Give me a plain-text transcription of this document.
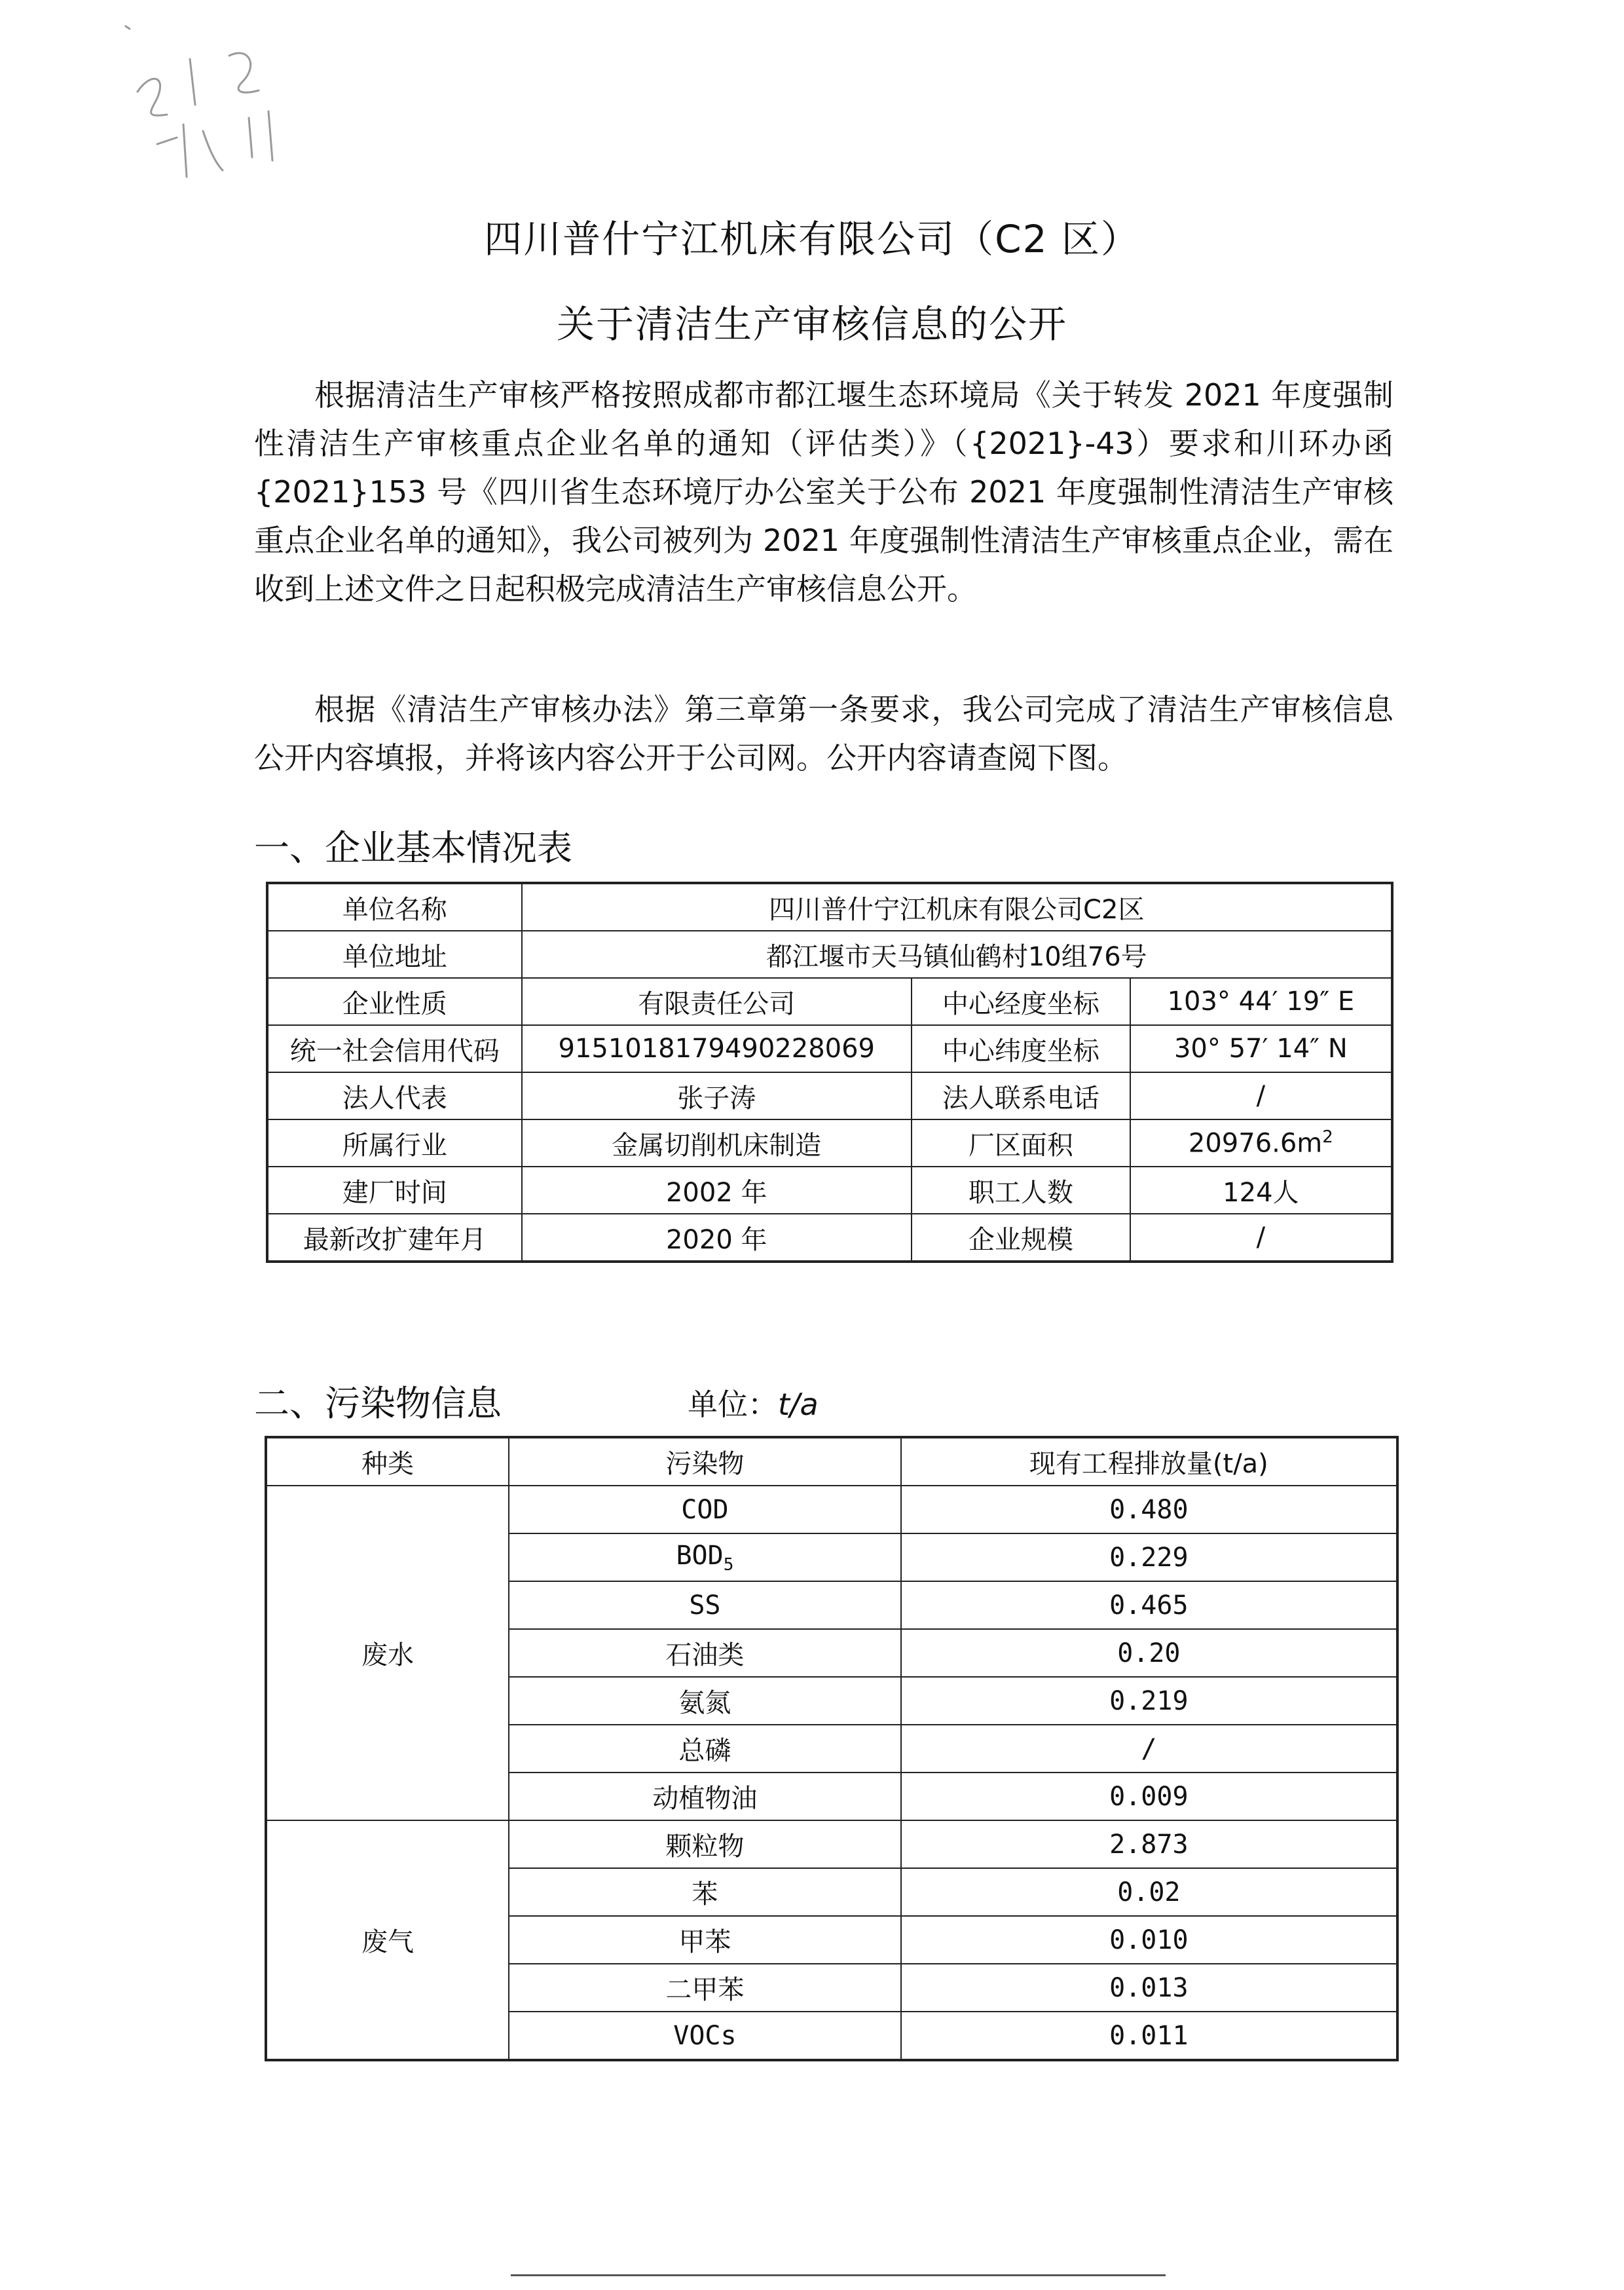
四川普什宁江机床有限公司（C2 区）
关于清洁生产审核信息的公开

根据清洁生产审核严格按照成都市都江堰生态环境局《关于转发 2021 年度强制性清洁生产审核重点企业名单的通知（评估类）》（{2021}-43）要求和川环办函{2021}153 号《四川省生态环境厅办公室关于公布 2021 年度强制性清洁生产审核重点企业名单的通知》，我公司被列为 2021 年度强制性清洁生产审核重点企业，需在收到上述文件之日起积极完成清洁生产审核信息公开。

根据《清洁生产审核办法》第三章第一条要求，我公司完成了清洁生产审核信息公开内容填报，并将该内容公开于公司网。公开内容请查阅下图。

一、企业基本情况表
单位名称	四川普什宁江机床有限公司C2区		
单位地址	都江堰市天马镇仙鹤村10组76号		
企业性质	有限责任公司	中心经度坐标	103° 44′ 19″ E
统一社会信用代码	915101817949022806​9	中心纬度坐标	30° 57′ 14″ N
法人代表	张子涛	法人联系电话	/
所属行业	金属切削机床制造	厂区面积	$20976.6m^2$
建厂时间	2002 年	职工人数	124人
最新改扩建年月	2020 年	企业规模	/
二、污染物信息	单位：t/a
种类	污染物	现有工程排放量(t/a)
废水	COD	0.480
	$BOD_5$	0.229
	SS	0.465
	石油类	0.20
	氨氮	0.219
	总磷	/
	动植物油	0.009
废气	颗粒物	2.873
	苯	0.02
	甲苯	0.010
	二甲苯	0.013
	VOCs	0.011
